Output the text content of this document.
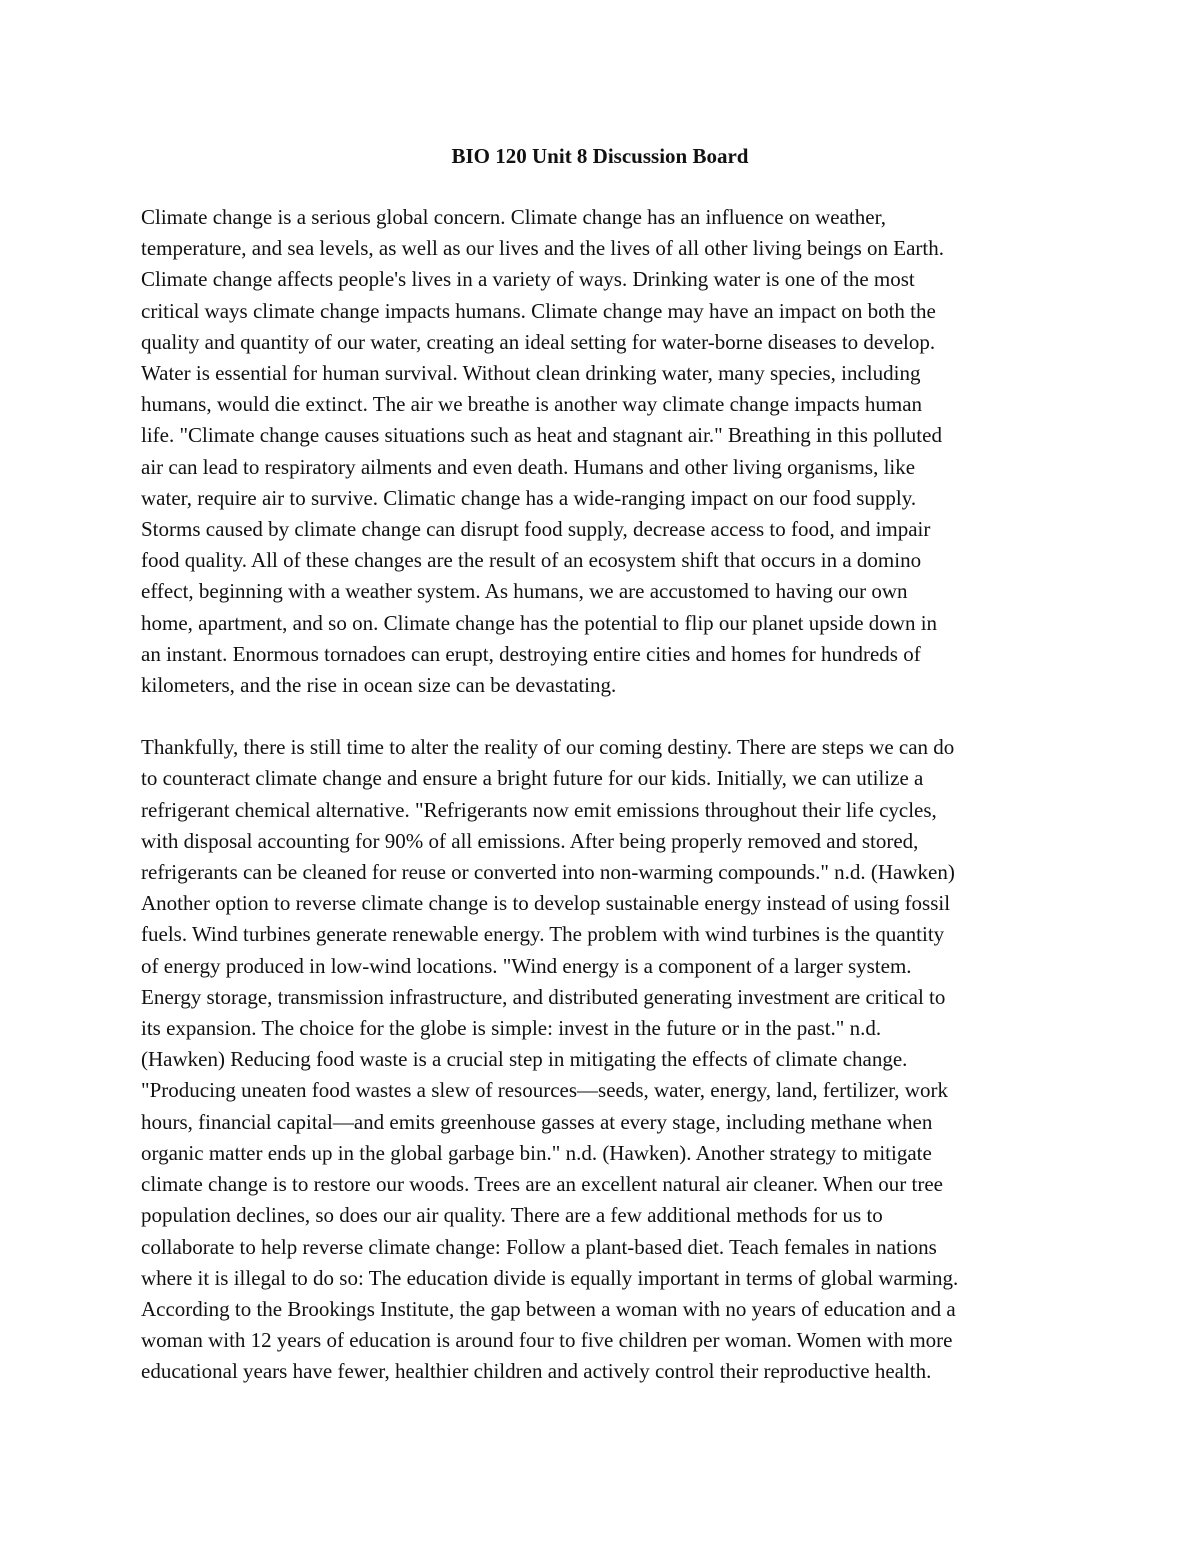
BIO 120 Unit 8 Discussion Board

Climate change is a serious global concern. Climate change has an influence on weather,
temperature, and sea levels, as well as our lives and the lives of all other living beings on Earth.
Climate change affects people's lives in a variety of ways. Drinking water is one of the most
critical ways climate change impacts humans. Climate change may have an impact on both the
quality and quantity of our water, creating an ideal setting for water-borne diseases to develop.
Water is essential for human survival. Without clean drinking water, many species, including
humans, would die extinct. The air we breathe is another way climate change impacts human
life. "Climate change causes situations such as heat and stagnant air." Breathing in this polluted
air can lead to respiratory ailments and even death. Humans and other living organisms, like
water, require air to survive. Climatic change has a wide-ranging impact on our food supply.
Storms caused by climate change can disrupt food supply, decrease access to food, and impair
food quality. All of these changes are the result of an ecosystem shift that occurs in a domino
effect, beginning with a weather system. As humans, we are accustomed to having our own
home, apartment, and so on. Climate change has the potential to flip our planet upside down in
an instant. Enormous tornadoes can erupt, destroying entire cities and homes for hundreds of
kilometers, and the rise in ocean size can be devastating.

Thankfully, there is still time to alter the reality of our coming destiny. There are steps we can do
to counteract climate change and ensure a bright future for our kids. Initially, we can utilize a
refrigerant chemical alternative. "Refrigerants now emit emissions throughout their life cycles,
with disposal accounting for 90% of all emissions. After being properly removed and stored,
refrigerants can be cleaned for reuse or converted into non-warming compounds." n.d. (Hawken)
Another option to reverse climate change is to develop sustainable energy instead of using fossil
fuels. Wind turbines generate renewable energy. The problem with wind turbines is the quantity
of energy produced in low-wind locations. "Wind energy is a component of a larger system.
Energy storage, transmission infrastructure, and distributed generating investment are critical to
its expansion. The choice for the globe is simple: invest in the future or in the past." n.d.
(Hawken) Reducing food waste is a crucial step in mitigating the effects of climate change.
"Producing uneaten food wastes a slew of resources—seeds, water, energy, land, fertilizer, work
hours, financial capital—and emits greenhouse gasses at every stage, including methane when
organic matter ends up in the global garbage bin." n.d. (Hawken). Another strategy to mitigate
climate change is to restore our woods. Trees are an excellent natural air cleaner. When our tree
population declines, so does our air quality. There are a few additional methods for us to
collaborate to help reverse climate change: Follow a plant-based diet. Teach females in nations
where it is illegal to do so: The education divide is equally important in terms of global warming.
According to the Brookings Institute, the gap between a woman with no years of education and a
woman with 12 years of education is around four to five children per woman. Women with more
educational years have fewer, healthier children and actively control their reproductive health.
